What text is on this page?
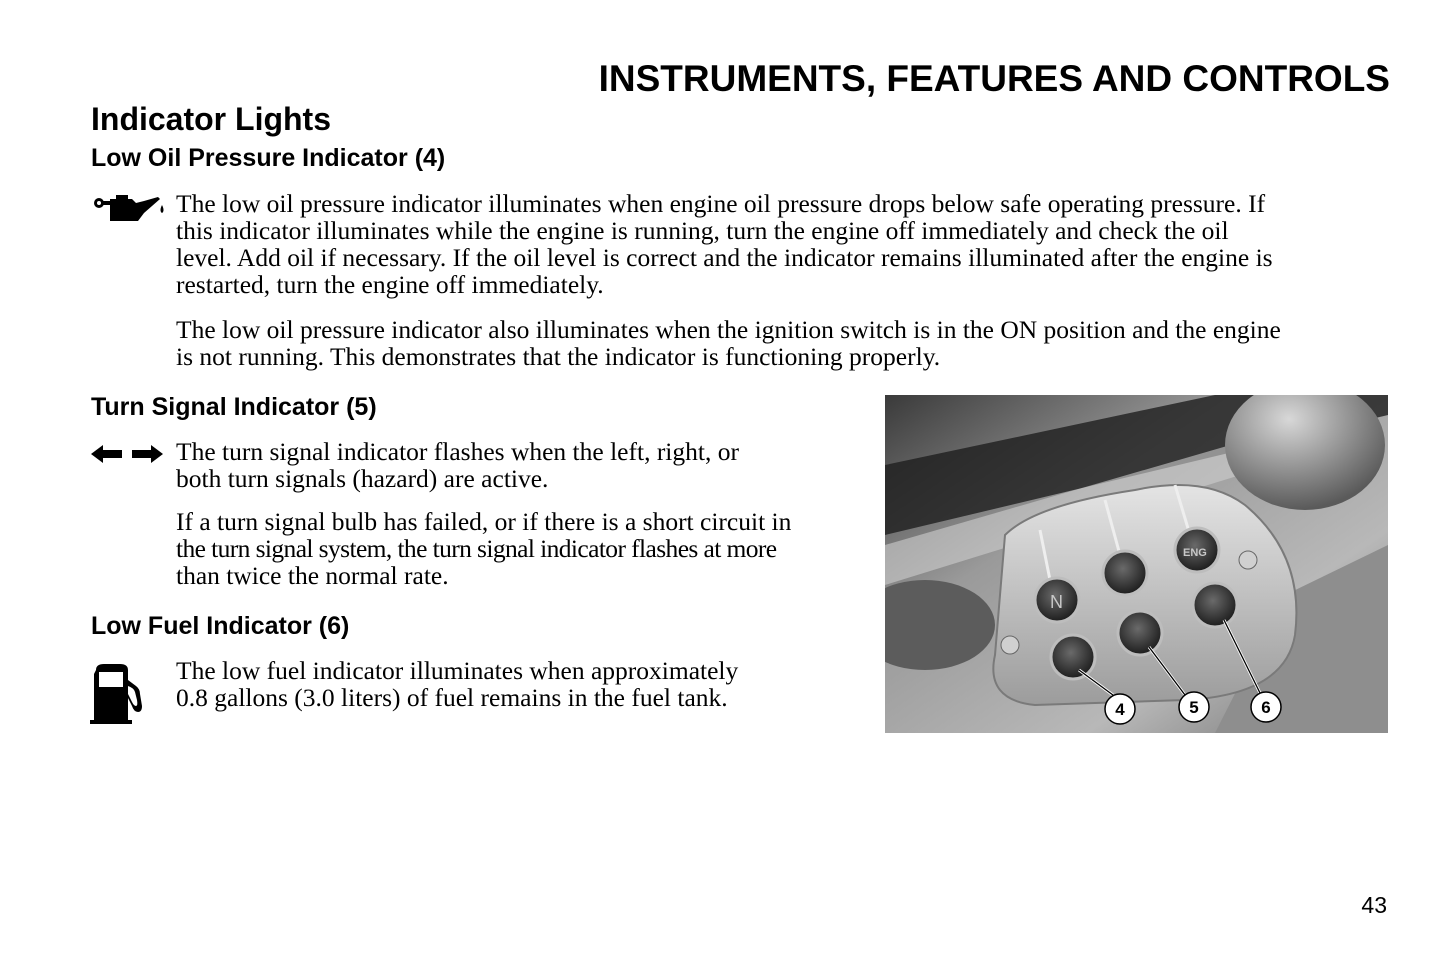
INSTRUMENTS, FEATURES AND CONTROLS
Indicator Lights
Low Oil Pressure Indicator (4)
The low oil pressure indicator illuminates when engine oil pressure drops below safe operating pressure. If
this indicator illuminates while the engine is running, turn the engine off immediately and check the oil
level. Add oil if necessary. If the oil level is correct and the indicator remains illuminated after the engine is
restarted, turn the engine off immediately.
The low oil pressure indicator also illuminates when the ignition switch is in the ON position and the engine
is not running. This demonstrates that the indicator is functioning properly.
Turn Signal Indicator (5)
The turn signal indicator flashes when the left, right, or
both turn signals (hazard) are active.
If a turn signal bulb has failed, or if there is a short circuit in
the turn signal system, the turn signal indicator flashes at more
than twice the normal rate.
Low Fuel Indicator (6)
The low fuel indicator illuminates when approximately
0.8 gallons (3.0 liters) of fuel remains in the fuel tank.
N
ENG
4	5	6
43
